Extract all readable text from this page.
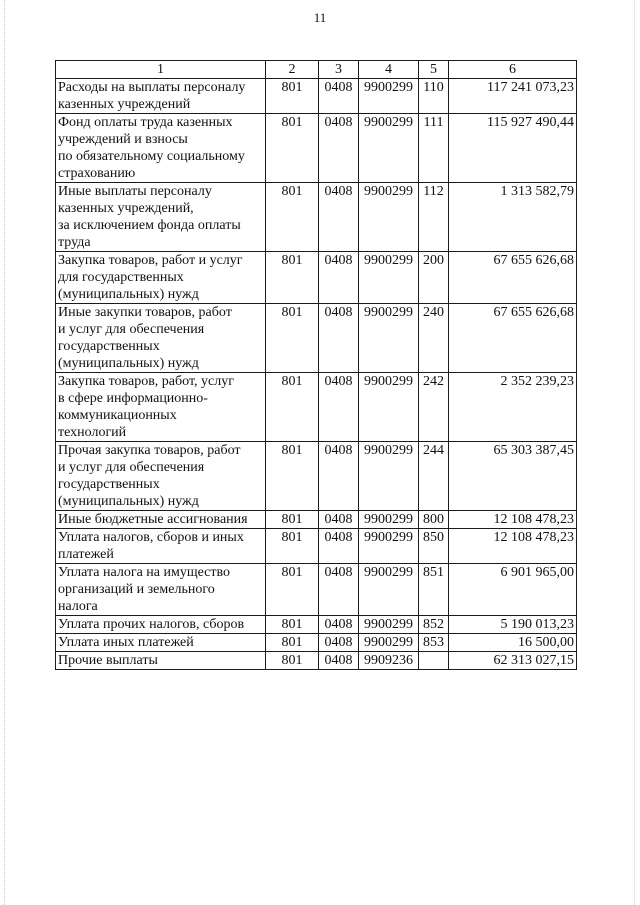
11
1	2	3	4	5	6
Расходы на выплаты персоналу
казенных учреждений	801	0408	9900299	110	117 241 073,23
Фонд оплаты труда казенных
учреждений и взносы
по обязательному социальному
страхованию	801	0408	9900299	111	115 927 490,44
Иные выплаты персоналу
казенных учреждений,
за исключением фонда оплаты
труда	801	0408	9900299	112	1 313 582,79
Закупка товаров, работ и услуг
для государственных
(муниципальных) нужд	801	0408	9900299	200	67 655 626,68
Иные закупки товаров, работ
и услуг для обеспечения
государственных
(муниципальных) нужд	801	0408	9900299	240	67 655 626,68
Закупка товаров, работ, услуг
в сфере информационно-
коммуникационных
технологий	801	0408	9900299	242	2 352 239,23
Прочая закупка товаров, работ
и услуг для обеспечения
государственных
(муниципальных) нужд	801	0408	9900299	244	65 303 387,45
Иные бюджетные ассигнования	801	0408	9900299	800	12 108 478,23
Уплата налогов, сборов и иных
платежей	801	0408	9900299	850	12 108 478,23
Уплата налога на имущество
организаций и земельного
налога	801	0408	9900299	851	6 901 965,00
Уплата прочих налогов, сборов	801	0408	9900299	852	5 190 013,23
Уплата иных платежей	801	0408	9900299	853	16 500,00
Прочие выплаты	801	0408	9909236		62 313 027,15
